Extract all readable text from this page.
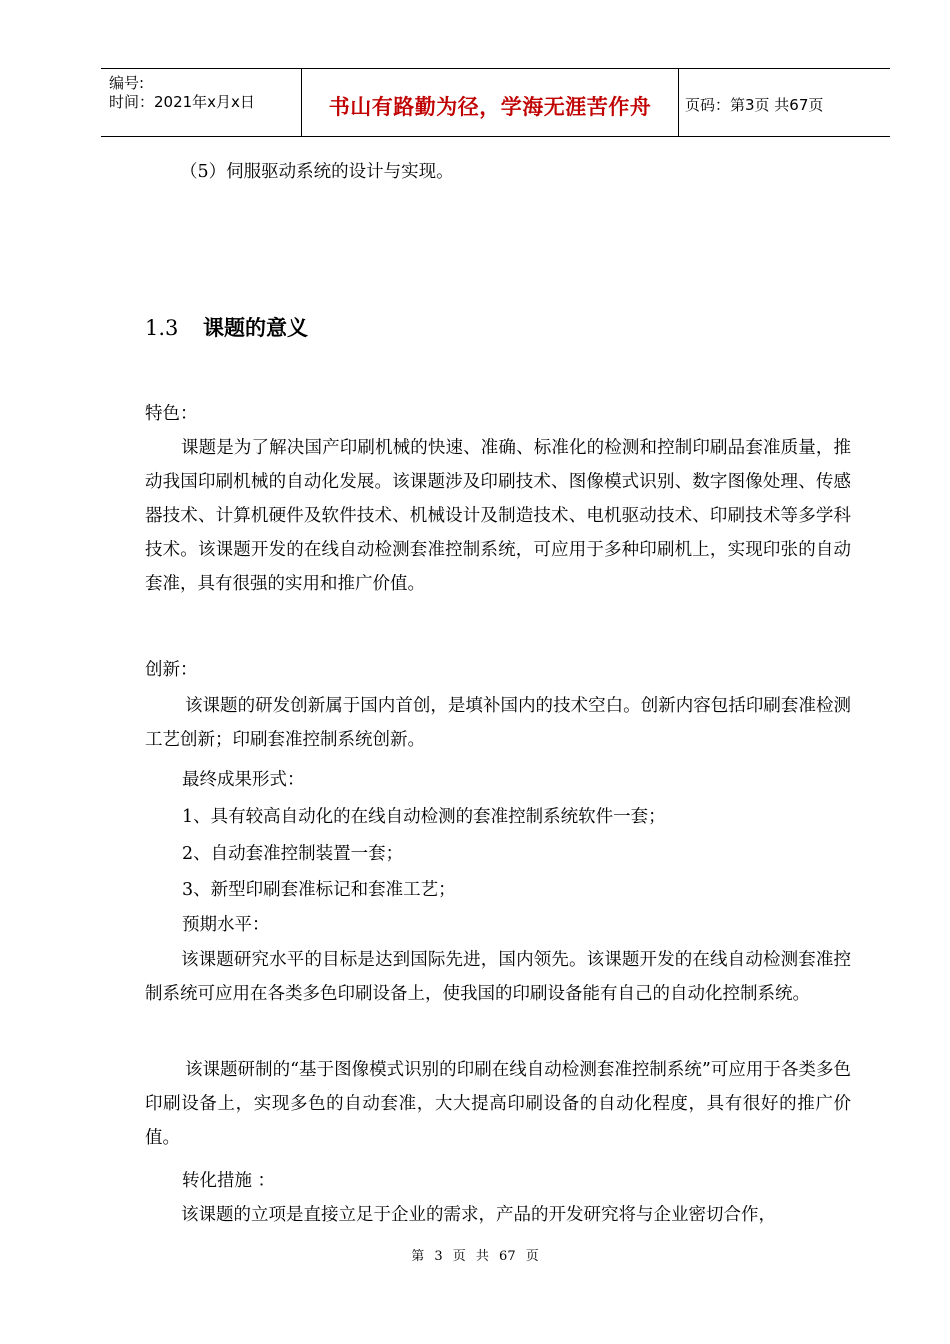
编号:
时间：2021年x月x日	书山有路勤为径，学海无涯苦作舟	页码：第3页 共67页
（5）伺服驱动系统的设计与实现。
1.3 课题的意义
特色：
课题是为了解决国产印刷机械的快速、准确、标准化的检测和控制印刷品套准质量，推动我国印刷机械的自动化发展。该课题涉及印刷技术、图像模式识别、数字图像处理、传感器技术、计算机硬件及软件技术、机械设计及制造技术、电机驱动技术、印刷技术等多学科技术。该课题开发的在线自动检测套准控制系统，可应用于多种印刷机上，实现印张的自动套准，具有很强的实用和推广价值。
创新：
该课题的研发创新属于国内首创，是填补国内的技术空白。创新内容包括印刷套准检测工艺创新；印刷套准控制系统创新。
最终成果形式：
1、具有较高自动化的在线自动检测的套准控制系统软件一套；
2、自动套准控制装置一套；
3、新型印刷套准标记和套准工艺；
预期水平：
该课题研究水平的目标是达到国际先进，国内领先。该课题开发的在线自动检测套准控制系统可应用在各类多色印刷设备上，使我国的印刷设备能有自己的自动化控制系统。
该课题研制的“基于图像模式识别的印刷在线自动检测套准控制系统”可应用于各类多色印刷设备上，实现多色的自动套准，大大提高印刷设备的自动化程度，具有很好的推广价值。
转化措施 ：
该课题的立项是直接立足于企业的需求，产品的开发研究将与企业密切合作，
第 3 页 共 67 页
